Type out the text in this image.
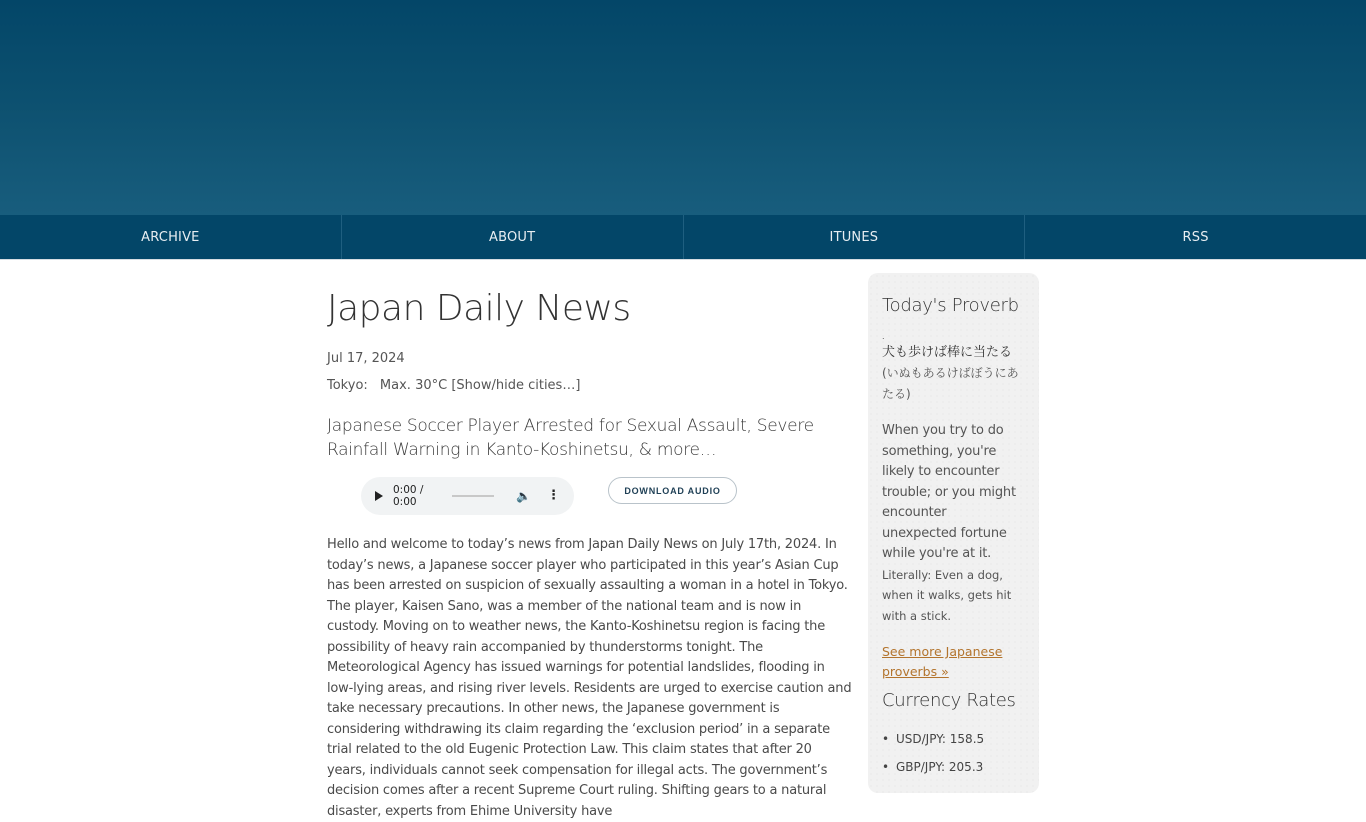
ARCHIVE	ABOUT	ITUNES	RSS
Japan Daily News
Jul 17, 2024
Tokyo: Max. 30°C [Show/hide cities…]
Japanese Soccer Player Arrested for Sexual Assault, Severe Rainfall Warning in Kanto-Koshinetsu, & more…
0:00 / 0:00	🔈 ⋮	DOWNLOAD AUDIO

Hello and welcome to today’s news from Japan Daily News on July 17th, 2024. In today’s news, a Japanese soccer player who participated in this year’s Asian Cup has been arrested on suspicion of sexually assaulting a woman in a hotel in Tokyo. The player, Kaisen Sano, was a member of the national team and is now in custody. Moving on to weather news, the Kanto-Koshinetsu region is facing the possibility of heavy rain accompanied by thunderstorms tonight. The Meteorological Agency has issued warnings for potential landslides, flooding in low-lying areas, and rising river levels. Residents are urged to exercise caution and take necessary precautions. In other news, the Japanese government is considering withdrawing its claim regarding the ‘exclusion period’ in a separate trial related to the old Eugenic Protection Law. This claim states that after 20 years, individuals cannot seek compensation for illegal acts. The government’s decision comes after a recent Supreme Court ruling. Shifting gears to a natural disaster, experts from Ehime University have

Today's Proverb
.
犬も歩けば棒に当たる
(いぬもあるけばぼうにあたる)
When you try to do something, you're likely to encounter trouble; or you might encounter unexpected fortune while you're at it.
Literally: Even a dog, when it walks, gets hit with a stick.
See more Japanese proverbs »
Currency Rates
• USD/JPY: 158.5
• GBP/JPY: 205.3
